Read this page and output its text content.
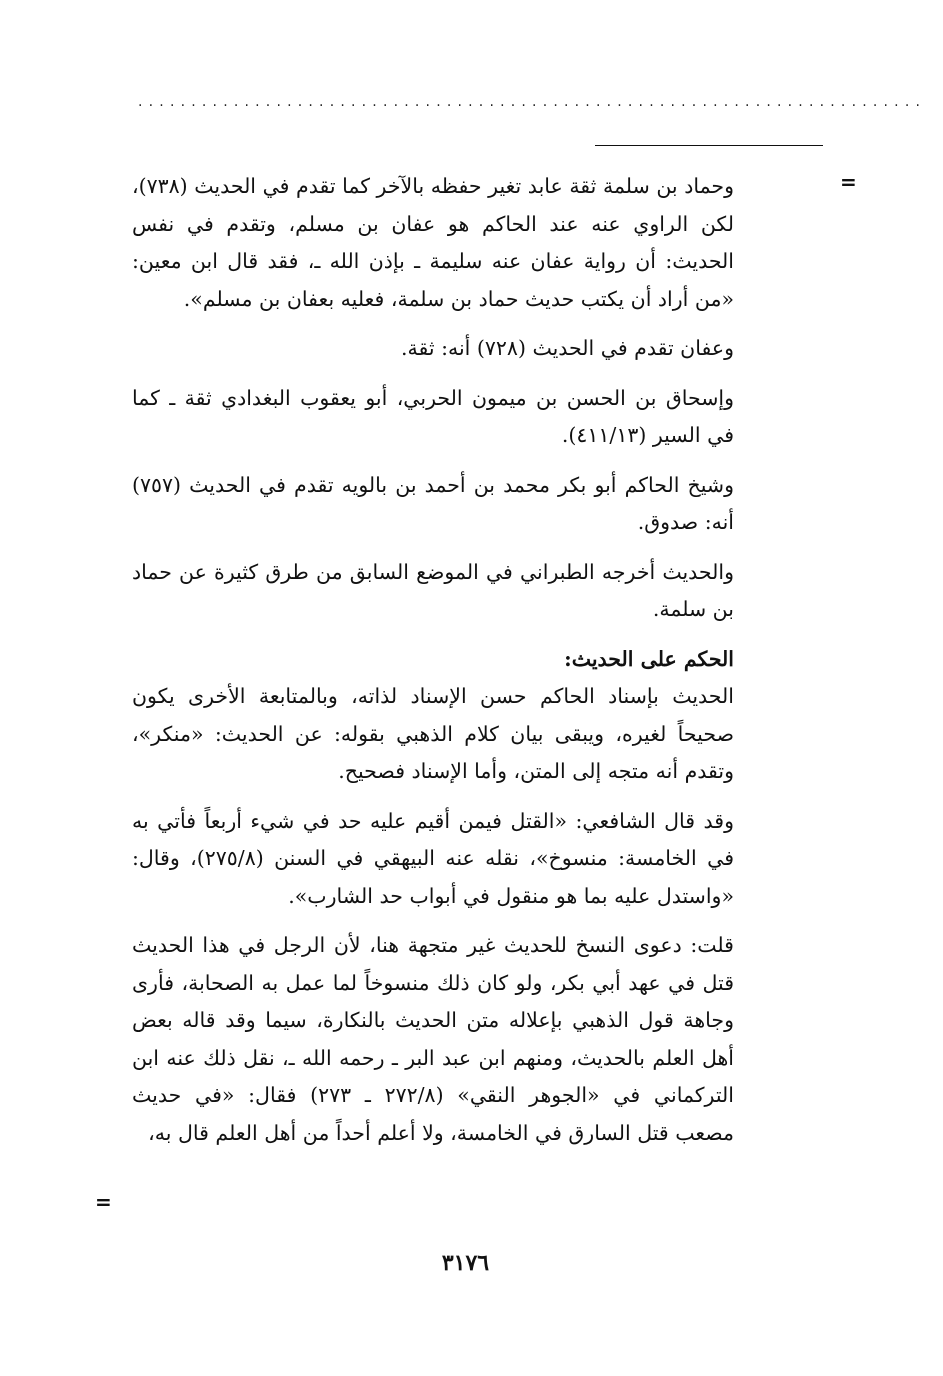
..........................................................................
=

وحماد بن سلمة ثقة عابد تغير حفظه بالآخر كما تقدم في الحديث (٧٣٨)، لكن الراوي عنه عند الحاكم هو عفان بن مسلم، وتقدم في نفس الحديث: أن رواية عفان عنه سليمة ـ بإذن الله ـ، فقد قال ابن معين: «من أراد أن يكتب حديث حماد بن سلمة، فعليه بعفان بن مسلم».

وعفان تقدم في الحديث (٧٢٨) أنه: ثقة.

وإسحاق بن الحسن بن ميمون الحربي، أبو يعقوب البغدادي ثقة ـ كما في السير (٤١١/١٣).

وشيخ الحاكم أبو بكر محمد بن أحمد بن بالويه تقدم في الحديث (٧٥٧) أنه: صدوق.

والحديث أخرجه الطبراني في الموضع السابق من طرق كثيرة عن حماد بن سلمة.

الحكم على الحديث:

الحديث بإسناد الحاكم حسن الإسناد لذاته، وبالمتابعة الأخرى يكون صحيحاً لغيره، ويبقى بيان كلام الذهبي بقوله: عن الحديث: «منكر»، وتقدم أنه متجه إلى المتن، وأما الإسناد فصحيح.

وقد قال الشافعي: «القتل فيمن أقيم عليه حد في شيء أربعاً فأتي به في الخامسة: منسوخ»، نقله عنه البيهقي في السنن (٢٧٥/٨)، وقال: «واستدل عليه بما هو منقول في أبواب حد الشارب».

قلت: دعوى النسخ للحديث غير متجهة هنا، لأن الرجل في هذا الحديث قتل في عهد أبي بكر، ولو كان ذلك منسوخاً لما عمل به الصحابة، فأرى وجاهة قول الذهبي بإعلاله متن الحديث بالنكارة، سيما وقد قاله بعض أهل العلم بالحديث، ومنهم ابن عبد البر ـ رحمه الله ـ، نقل ذلك عنه ابن التركماني في «الجوهر النقي» (٢٧٢/٨ ـ ٢٧٣) فقال: «في حديث مصعب قتل السارق في الخامسة، ولا أعلم أحداً من أهل العلم قال به،

=
٣١٧٦
